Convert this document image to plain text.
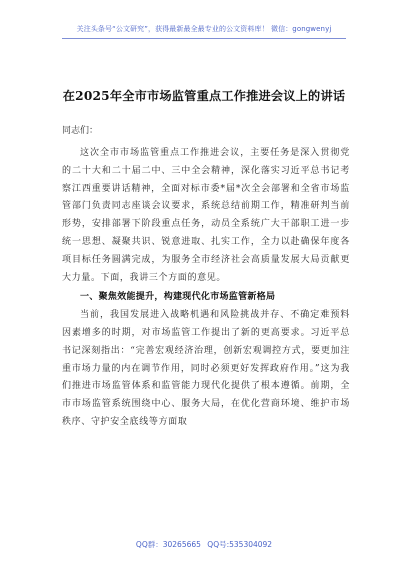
关注头条号“公文研究”，获得最新最全最专业的公文资料库！ 微信：gongwenyj
在2025年全市市场监管重点工作推进会议上的讲话
同志们：

这次全市市场监管重点工作推进会议，主要任务是深入贯彻党的二十大和二十届二中、三中全会精神，深化落实习近平总书记考察江西重要讲话精神，全面对标市委*届*次全会部署和全省市场监管部门负责同志座谈会议要求，系统总结前期工作，精准研判当前形势，安排部署下阶段重点任务，动员全系统广大干部职工进一步统一思想、凝聚共识、锐意进取、扎实工作，全力以赴确保年度各项目标任务圆满完成，为服务全市经济社会高质量发展大局贡献更大力量。下面，我讲三个方面的意见。

一、聚焦效能提升，构建现代化市场监管新格局

当前，我国发展进入战略机遇和风险挑战并存、不确定难预料因素增多的时期，对市场监管工作提出了新的更高要求。习近平总书记深刻指出：“完善宏观经济治理，创新宏观调控方式，要更加注重市场力量的内在调节作用，同时必须更好发挥政府作用。”这为我们推进市场监管体系和监管能力现代化提供了根本遵循。前期，全市市场监管系统围绕中心、服务大局，在优化营商环境、维护市场秩序、守护安全底线等方面取

QQ群：30265665 QQ号:535304092
